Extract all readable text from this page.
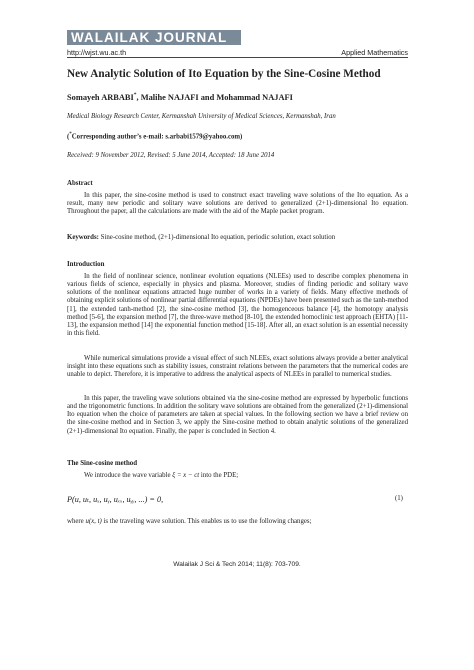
WALAILAK JOURNAL
http://wjst.wu.ac.th	Applied Mathematics
New Analytic Solution of Ito Equation by the Sine-Cosine Method
Somayeh ARBABI*, Malihe NAJAFI and Mohammad NAJAFI
Medical Biology Research Center, Kermanshah University of Medical Sciences, Kermanshah, Iran
(*Corresponding author’s e-mail: s.arbabi1579@yahoo.com)
Received: 9 November 2012, Revised: 5 June 2014, Accepted: 18 June 2014
Abstract

In this paper, the sine-cosine method is used to construct exact traveling wave solutions of the Ito equation. As a result, many new periodic and solitary wave solutions are derived to generalized (2+1)-dimensional Ito equation. Throughout the paper, all the calculations are made with the aid of the Maple packet program.

Keywords: Sine-cosine method, (2+1)-dimensional Ito equation, periodic solution, exact solution
Introduction

In the field of nonlinear science, nonlinear evolution equations (NLEEs) used to describe complex phenomena in various fields of science, especially in physics and plasma. Moreover, studies of finding periodic and solitary wave solutions of the nonlinear equations attracted huge number of works in a variety of fields. Many effective methods of obtaining explicit solutions of nonlinear partial differential equations (NPDEs) have been presented such as the tanh-method [1], the extended tanh-method [2], the sine-cosine method [3], the homogenceous balance [4], the homotopy analysis method [5-6], the expansion method [7], the three-wave method [8-10], the extended homoclinic test approach (EHTA) [11-13], the expansion method [14] the exponential function method [15-18]. After all, an exact solution is an essential necessity in this field.

While numerical simulations provide a visual effect of such NLEEs, exact solutions always provide a better analytical insight into these equations such as stability issues, constraint relations between the parameters that the numerical codes are unable to depict. Therefore, it is imperative to address the analytical aspects of NLEEs in parallel to numerical studies.

In this paper, the traveling wave solutions obtained via the sine-cosine method are expressed by hyperbolic functions and the trigonometric functions. In addition the solitary wave solutions are obtained from the generalized (2+1)-dimensional Ito equation when the choice of parameters are taken at special values. In the following section we have a brief review on the sine-cosine method and in Section 3, we apply the Sine-cosine method to obtain analytic solutions of the generalized (2+1)-dimensional Ito equation. Finally, the paper is concluded in Section 4.

The Sine-cosine method
We introduce the wave variable ξ = x − ct into the PDE;
P(u, uₜ, uₓ, uᵧ, uₓₓ, uᵧᵧ, ...) = 0,	(1)
where u(x, t) is the traveling wave solution. This enables us to use the following changes;
Walailak J Sci & Tech 2014; 11(8): 703-709.
